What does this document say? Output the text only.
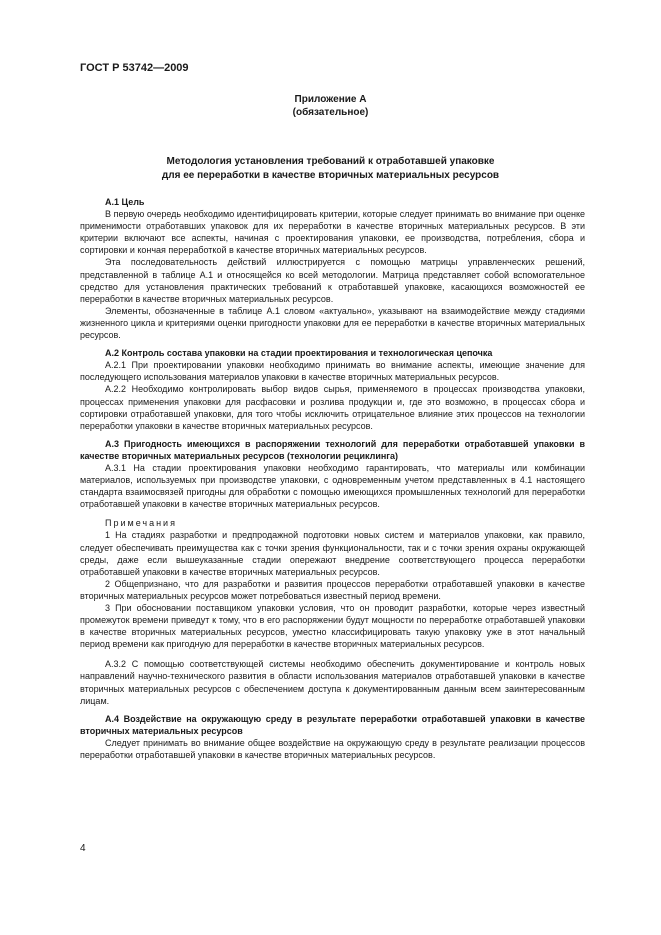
ГОСТ Р 53742—2009
Приложение А
(обязательное)
Методология установления требований к отработавшей упаковке
для ее переработки в качестве вторичных материальных ресурсов

А.1 Цель

В первую очередь необходимо идентифицировать критерии, которые следует принимать во внимание при оценке применимости отработавших упаковок для их переработки в качестве вторичных материальных ресурсов. В эти критерии включают все аспекты, начиная с проектирования упаковки, ее производства, потребления, сбора и сортировки и кончая переработкой в качестве вторичных материальных ресурсов.

Эта последовательность действий иллюстрируется с помощью матрицы управленческих решений, представленной в таблице А.1 и относящейся ко всей методологии. Матрица представляет собой вспомогательное средство для установления практических требований к отработавшей упаковке, касающихся возможностей ее переработки в качестве вторичных материальных ресурсов.

Элементы, обозначенные в таблице А.1 словом «актуально», указывают на взаимодействие между стадиями жизненного цикла и критериями оценки пригодности упаковки для ее переработки в качестве вторичных материальных ресурсов.

А.2 Контроль состава упаковки на стадии проектирования и технологическая цепочка

А.2.1 При проектировании упаковки необходимо принимать во внимание аспекты, имеющие значение для последующего использования материалов упаковки в качестве вторичных материальных ресурсов.

А.2.2 Необходимо контролировать выбор видов сырья, применяемого в процессах производства упаковки, процессах применения упаковки для расфасовки и розлива продукции и, где это возможно, в процессах сбора и сортировки отработавшей упаковки, для того чтобы исключить отрицательное влияние этих процессов на технологии переработки упаковки в качестве вторичных материальных ресурсов.

А.3 Пригодность имеющихся в распоряжении технологий для переработки отработавшей упаковки в качестве вторичных материальных ресурсов (технологии рециклинга)

А.3.1 На стадии проектирования упаковки необходимо гарантировать, что материалы или комбинации материалов, используемых при производстве упаковки, с одновременным учетом представленных в 4.1 настоящего стандарта взаимосвязей пригодны для обработки с помощью имеющихся промышленных технологий для переработки отработавшей упаковки в качестве вторичных материальных ресурсов.

Примечания

1 На стадиях разработки и предпродажной подготовки новых систем и материалов упаковки, как правило, следует обеспечивать преимущества как с точки зрения функциональности, так и с точки зрения охраны окружающей среды, даже если вышеуказанные стадии опережают внедрение соответствующего процесса переработки отработавшей упаковки в качестве вторичных материальных ресурсов.

2 Общепризнано, что для разработки и развития процессов переработки отработавшей упаковки в качестве вторичных материальных ресурсов может потребоваться известный период времени.

3 При обосновании поставщиком упаковки условия, что он проводит разработки, которые через известный промежуток времени приведут к тому, что в его распоряжении будут мощности по переработке отработавшей упаковки в качестве вторичных материальных ресурсов, уместно классифицировать такую упаковку уже в этот начальный период времени как пригодную для переработки в качестве вторичных материальных ресурсов.

А.3.2 С помощью соответствующей системы необходимо обеспечить документирование и контроль новых направлений научно-технического развития в области использования материалов отработавшей упаковки в качестве вторичных материальных ресурсов с обеспечением доступа к документированным данным всем заинтересованным лицам.

А.4 Воздействие на окружающую среду в результате переработки отработавшей упаковки в качестве вторичных материальных ресурсов

Следует принимать во внимание общее воздействие на окружающую среду в результате реализации процессов переработки отработавшей упаковки в качестве вторичных материальных ресурсов.

4
